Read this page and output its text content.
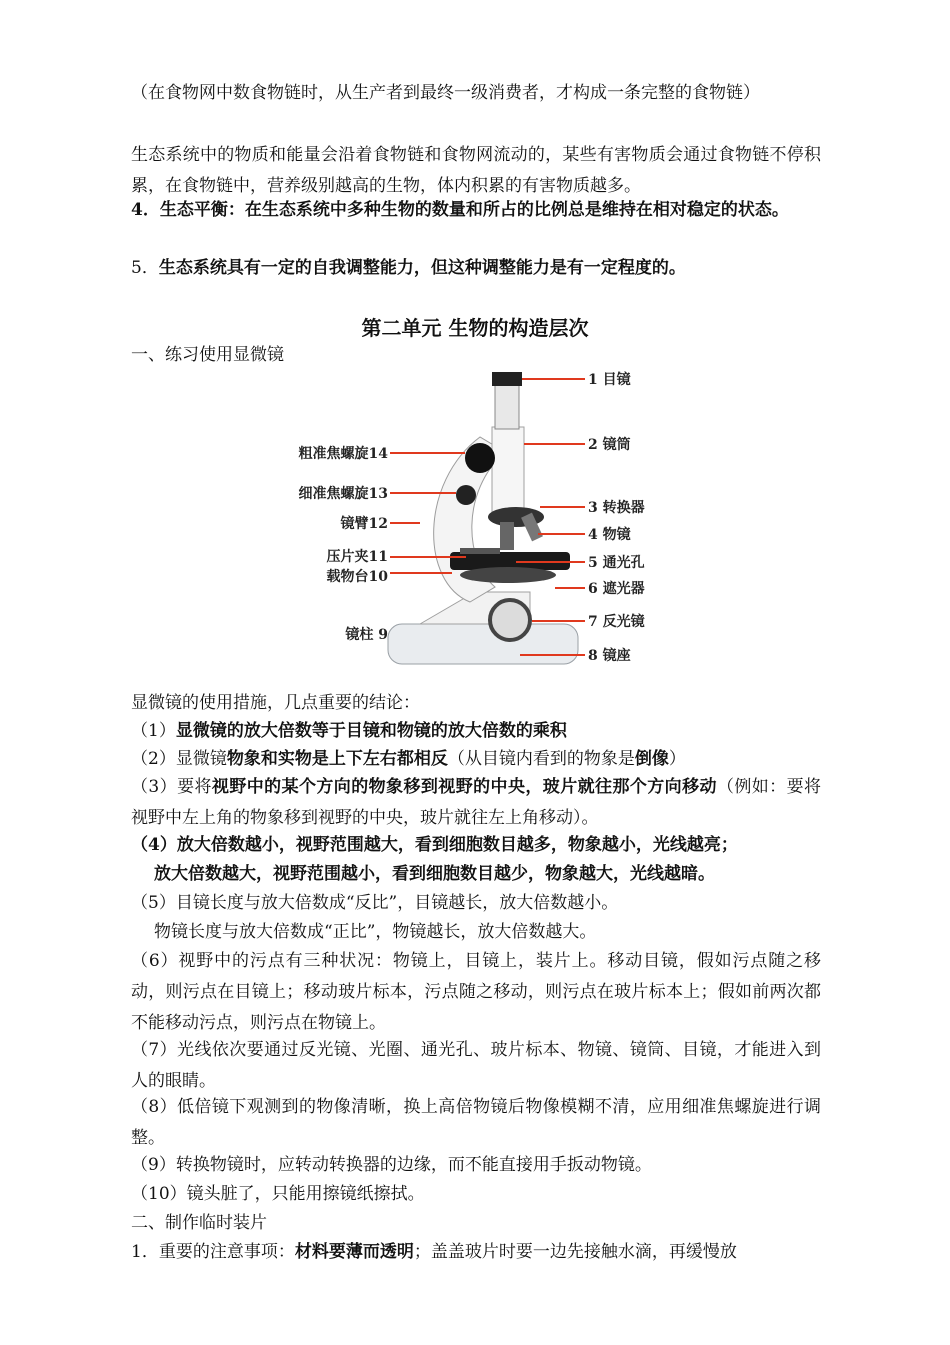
（在食物网中数食物链时，从生产者到最终一级消费者，才构成一条完整的食物链）

生态系统中的物质和能量会沿着食物链和食物网流动的，某些有害物质会通过食物链不停积累，在食物链中，营养级别越高的生物，体内积累的有害物质越多。

4．生态平衡：在生态系统中多种生物的数量和所占的比例总是维持在相对稳定的状态。

5．生态系统具有一定的自我调整能力，但这种调整能力是有一定程度的。

第二单元 生物的构造层次

一、练习使用显微镜

1 目镜
2 镜筒
3 转换器
4 物镜
5 通光孔
6 遮光器
7 反光镜
8 镜座
粗准焦螺旋14
细准焦螺旋13
镜臂12
压片夹11
载物台10
镜柱 9

显微镜的使用措施，几点重要的结论：

（1）显微镜的放大倍数等于目镜和物镜的放大倍数的乘积

（2）显微镜物象和实物是上下左右都相反（从目镜内看到的物象是倒像）

（3）要将视野中的某个方向的物象移到视野的中央，玻片就往那个方向移动（例如：要将视野中左上角的物象移到视野的中央，玻片就往左上角移动）。

（4）放大倍数越小，视野范围越大，看到细胞数目越多，物象越小，光线越亮；

放大倍数越大，视野范围越小，看到细胞数目越少，物象越大，光线越暗。

（5）目镜长度与放大倍数成“反比”，目镜越长，放大倍数越小。

物镜长度与放大倍数成“正比”，物镜越长，放大倍数越大。

（6）视野中的污点有三种状况：物镜上，目镜上，装片上。移动目镜，假如污点随之移动，则污点在目镜上；移动玻片标本，污点随之移动，则污点在玻片标本上；假如前两次都不能移动污点，则污点在物镜上。

（7）光线依次要通过反光镜、光圈、通光孔、玻片标本、物镜、镜筒、目镜，才能进入到人的眼睛。

（8）低倍镜下观测到的物像清晰，换上高倍物镜后物像模糊不清，应用细准焦螺旋进行调整。

（9）转换物镜时，应转动转换器的边缘，而不能直接用手扳动物镜。

（10）镜头脏了，只能用擦镜纸擦拭。

二、制作临时装片

1．重要的注意事项：材料要薄而透明；盖盖玻片时要一边先接触水滴，再缓慢放
